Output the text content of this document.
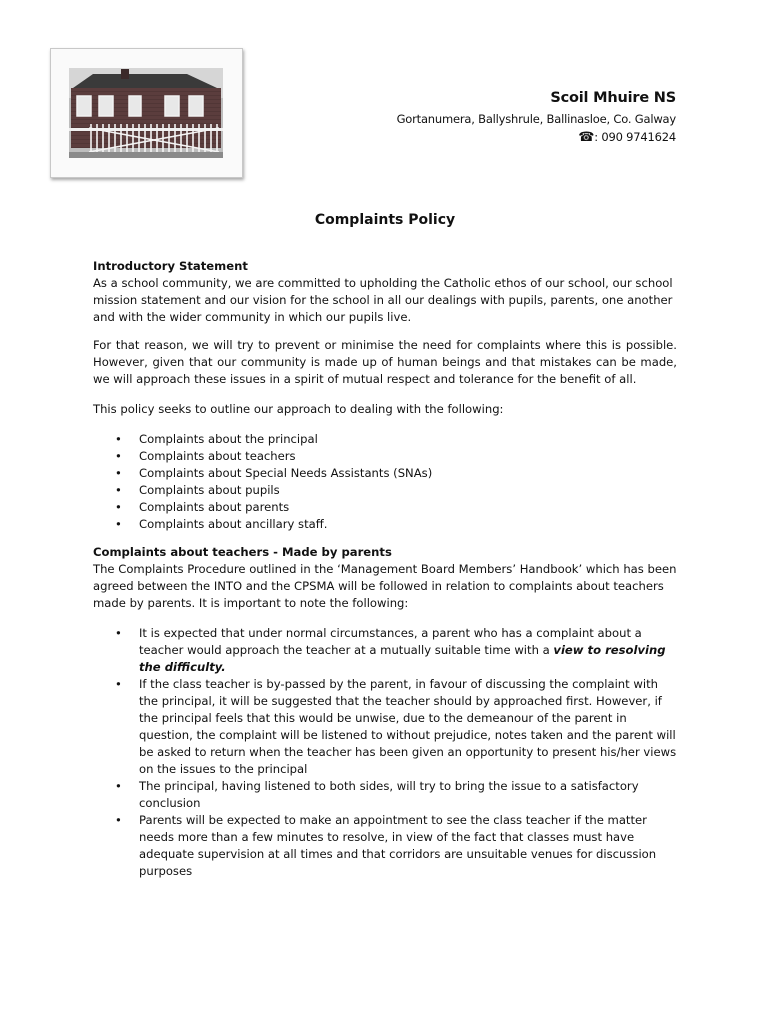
Scoil Mhuire NS
Gortanumera, Ballyshrule, Ballinasloe, Co. Galway
☎: 090 9741624
Complaints Policy

Introductory Statement

As a school community, we are committed to upholding the Catholic ethos of our school, our school mission statement and our vision for the school in all our dealings with pupils, parents, one another and with the wider community in which our pupils live.

For that reason, we will try to prevent or minimise the need for complaints where this is possible. However, given that our community is made up of human beings and that mistakes can be made, we will approach these issues in a spirit of mutual respect and tolerance for the benefit of all.

This policy seeks to outline our approach to dealing with the following:

• Complaints about the principal
• Complaints about teachers
• Complaints about Special Needs Assistants (SNAs)
• Complaints about pupils
• Complaints about parents
• Complaints about ancillary staff.

Complaints about teachers - Made by parents

The Complaints Procedure outlined in the ‘Management Board Members’ Handbook’ which has been agreed between the INTO and the CPSMA will be followed in relation to complaints about teachers made by parents. It is important to note the following:

• It is expected that under normal circumstances, a parent who has a complaint about a teacher would approach the teacher at a mutually suitable time with a view to resolving the difficulty.
• If the class teacher is by-passed by the parent, in favour of discussing the complaint with the principal, it will be suggested that the teacher should by approached first. However, if the principal feels that this would be unwise, due to the demeanour of the parent in question, the complaint will be listened to without prejudice, notes taken and the parent will be asked to return when the teacher has been given an opportunity to present his/her views on the issues to the principal
• The principal, having listened to both sides, will try to bring the issue to a satisfactory conclusion
• Parents will be expected to make an appointment to see the class teacher if the matter needs more than a few minutes to resolve, in view of the fact that classes must have adequate supervision at all times and that corridors are unsuitable venues for discussion purposes
